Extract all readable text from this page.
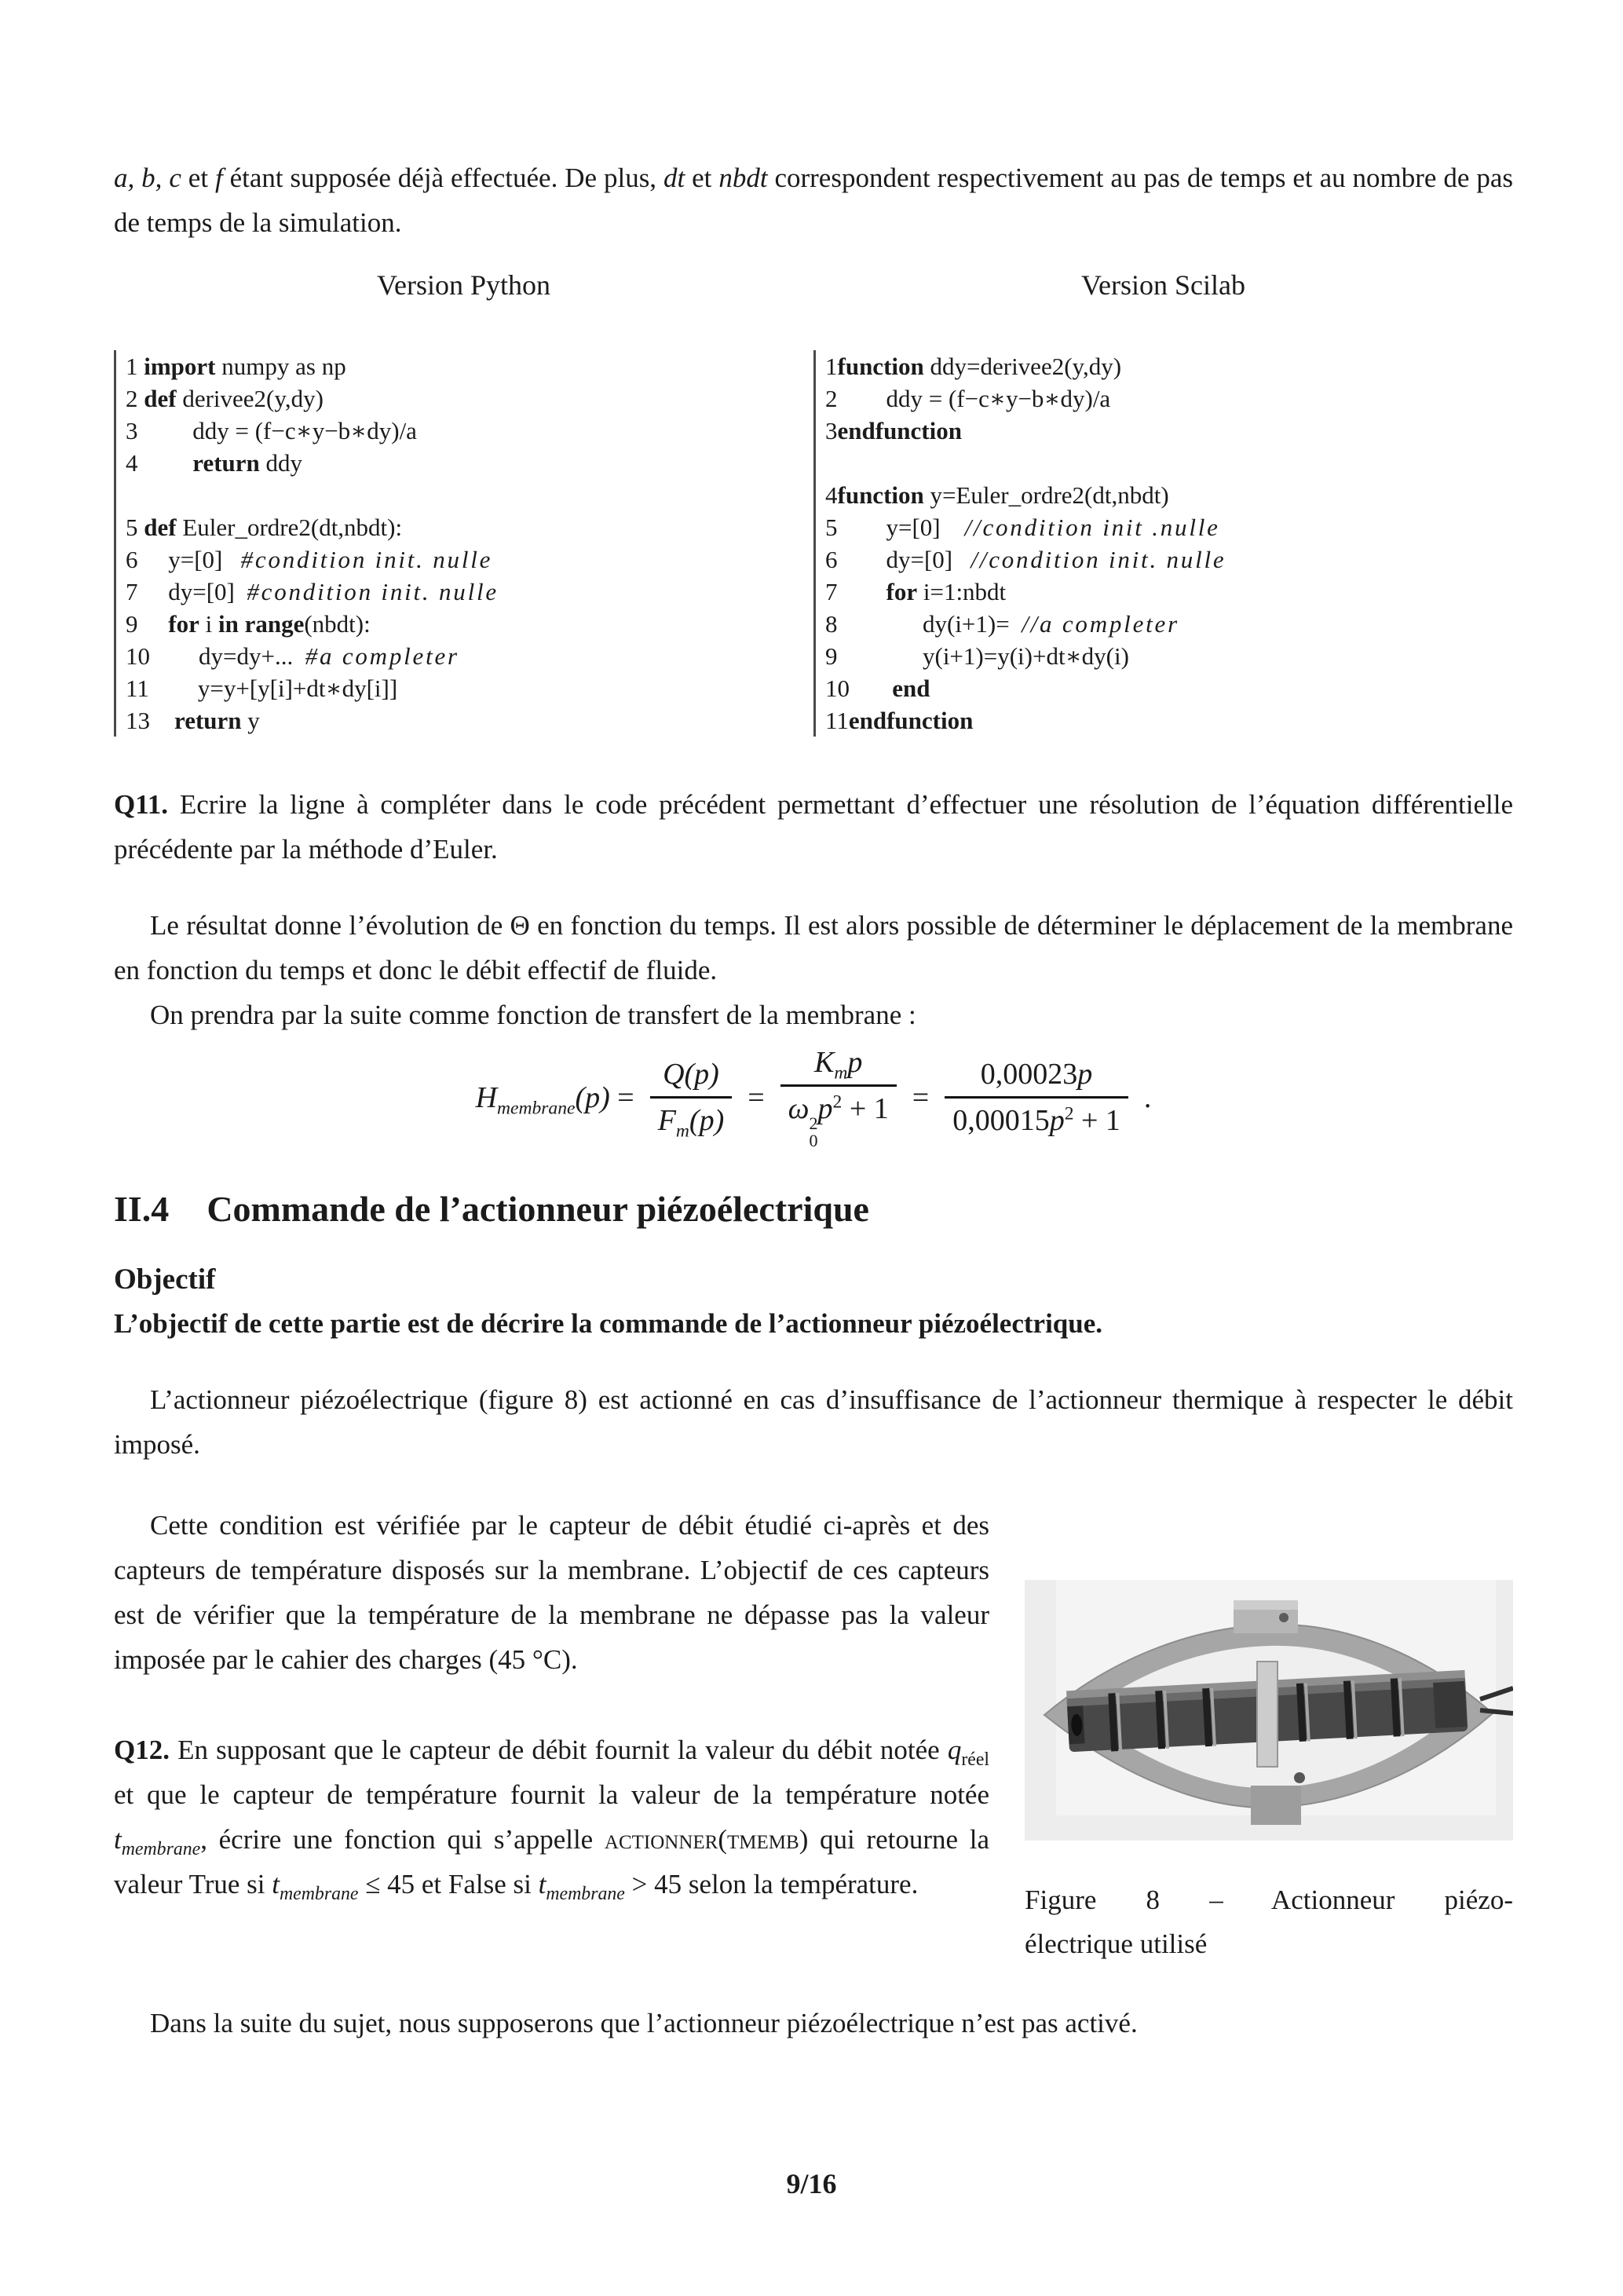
a, b, c et f étant supposée déjà effectuée. De plus, dt et nbdt correspondent respectivement au pas de temps et au nombre de pas de temps de la simulation.

Version Python	Version Scilab
1 import numpy as np
2 def derivee2(y,dy)
3         ddy = (f−c∗y−b∗dy)/a
4         return ddy

5 def Euler_ordre2(dt,nbdt):
6     y=[0]   #condition init. nulle
7     dy=[0]  #condition init. nulle
9     for i in range(nbdt):
10        dy=dy+...  #a completer
11        y=y+[y[i]+dt∗dy[i]]
13    return y
1function ddy=derivee2(y,dy)
2        ddy = (f−c∗y−b∗dy)/a
3endfunction

4function y=Euler_ordre2(dt,nbdt)
5        y=[0]    //condition init .nulle
6        dy=[0]   //condition init. nulle
7        for i=1:nbdt
8              dy(i+1)=  //a completer
9              y(i+1)=y(i)+dt∗dy(i)
10       end
11endfunction

Q11. Ecrire la ligne à compléter dans le code précédent permettant d’effectuer une résolution de l’équation différentielle précédente par la méthode d’Euler.

Le résultat donne l’évolution de Θ en fonction du temps. Il est alors possible de déterminer le déplacement de la membrane en fonction du temps et donc le débit effectif de fluide.

On prendra par la suite comme fonction de transfert de la membrane :

$H_{membrane}(p) = \frac{Q(p)}{F_m(p)} = K_mp$
ω 2
0
$p^2 + 1 = \frac{0,00023p}{0,00015p^2 + 1}$ .
II.4 Commande de l’actionneur piézoélectrique
Objectif

L’objectif de cette partie est de décrire la commande de l’actionneur piézoélectrique.

L’actionneur piézoélectrique (figure 8) est actionné en cas d’insuffisance de l’actionneur thermique à respecter le débit imposé.

Cette condition est vérifiée par le capteur de débit étudié ci-après et des capteurs de température disposés sur la membrane. L’objectif de ces capteurs est de vérifier que la température de la membrane ne dépasse pas la valeur imposée par le cahier des charges (45 °C).

Q12. En supposant que le capteur de débit fournit la valeur du débit notée $q_{réel}$ et que le capteur de température fournit la valeur de la température notée $t_{membrane}$, écrire une fonction qui s’appelle actionner(tmemb) qui retourne la valeur True si $t_{membrane} \le 45$ et False si $t_{membrane} > 45$ selon la température.

Figure 8 – Actionneur piézo-
électrique utilisé

Dans la suite du sujet, nous supposerons que l’actionneur piézoélectrique n’est pas activé.

9/16
